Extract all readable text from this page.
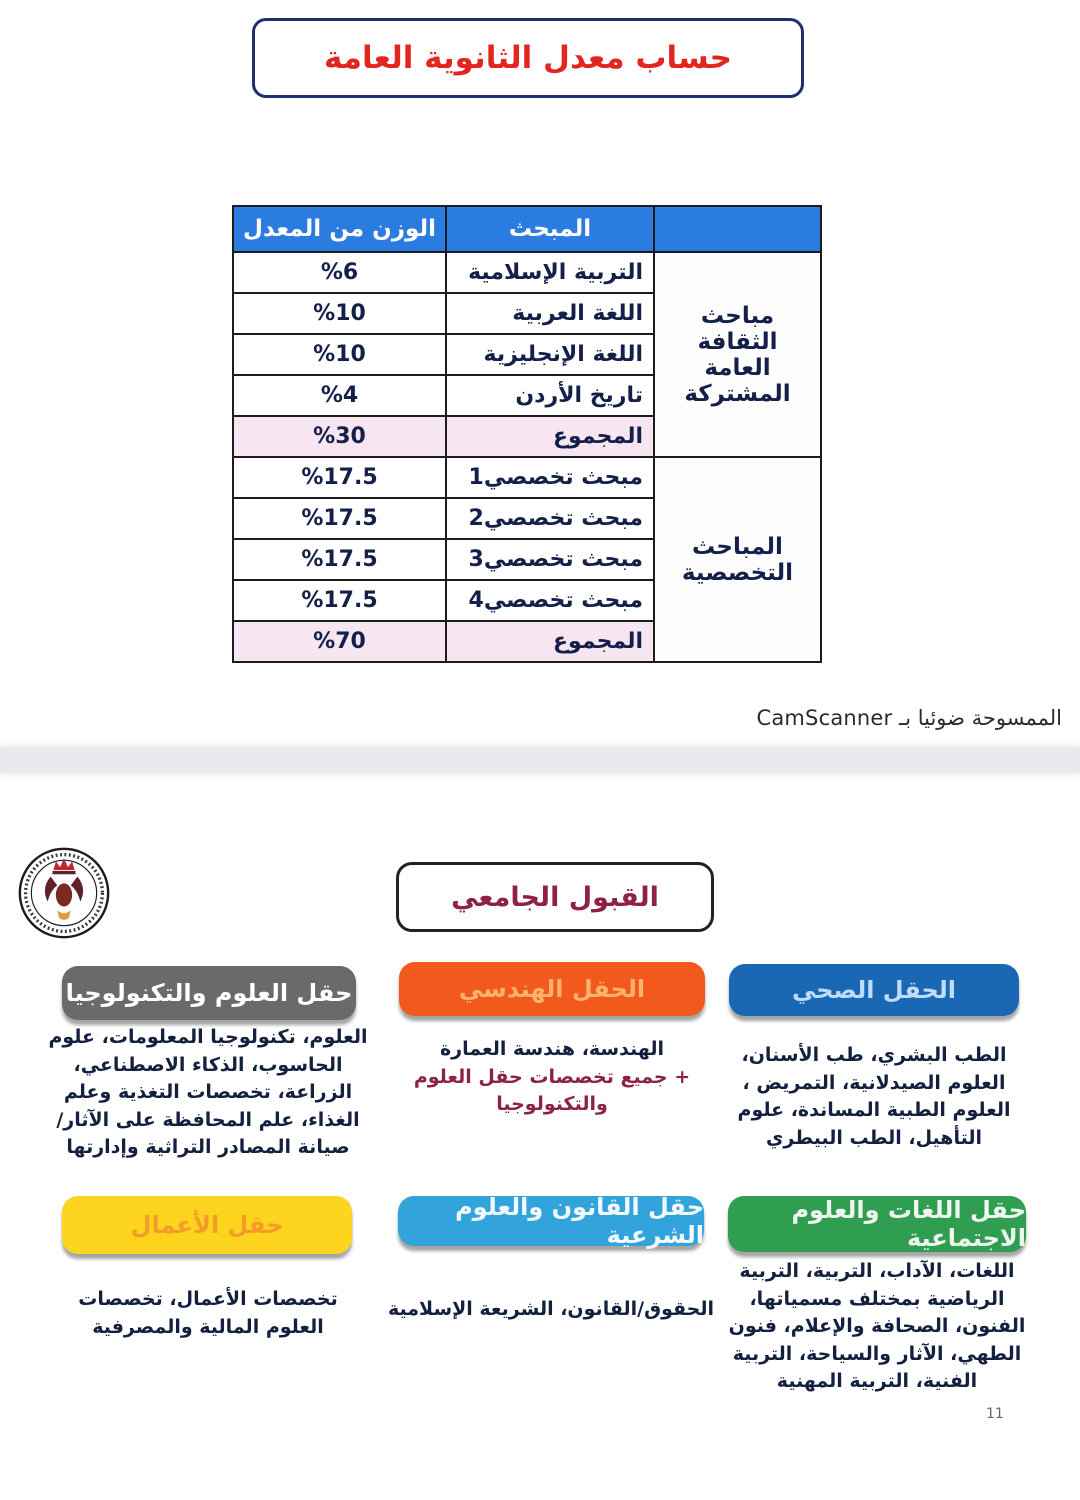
حساب معدل الثانوية العامة
	المبحث	الوزن من المعدل
مباحث الثقافة العامة المشتركة	التربية الإسلامية	%6
	اللغة العربية	%10
	اللغة الإنجليزية	%10
	تاريخ الأردن	%4
	المجموع	%30
المباحث التخصصية	مبحث تخصصي1	%17.5
	مبحث تخصصي2	%17.5
	مبحث تخصصي3	%17.5
	مبحث تخصصي4	%17.5
	المجموع	%70
الممسوحة ضوئيا بـ CamScanner
القبول الجامعي
الحقل الصحي
الطب البشري، طب الأسنان، العلوم الصيدلانية، التمريض ، العلوم الطبية المساندة، علوم التأهيل، الطب البيطري
الحقل الهندسي
الهندسة، هندسة العمارة
+ جميع تخصصات حقل العلوم والتكنولوجيا
حقل العلوم والتكنولوجيا
العلوم، تكنولوجيا المعلومات، علوم الحاسوب، الذكاء الاصطناعي، الزراعة، تخصصات التغذية وعلم الغذاء، علم المحافظة على الآثار/ صيانة المصادر التراثية وإدارتها
حقل اللغات والعلوم الاجتماعية
اللغات، الآداب، التربية، التربية الرياضية بمختلف مسمياتها، الفنون، الصحافة والإعلام، فنون الطهي، الآثار والسياحة، التربية الفنية، التربية المهنية
حقل القانون والعلوم الشرعية
الحقوق/القانون، الشريعة الإسلامية
حقل الأعمال
تخصصات الأعمال، تخصصات العلوم المالية والمصرفية
11
